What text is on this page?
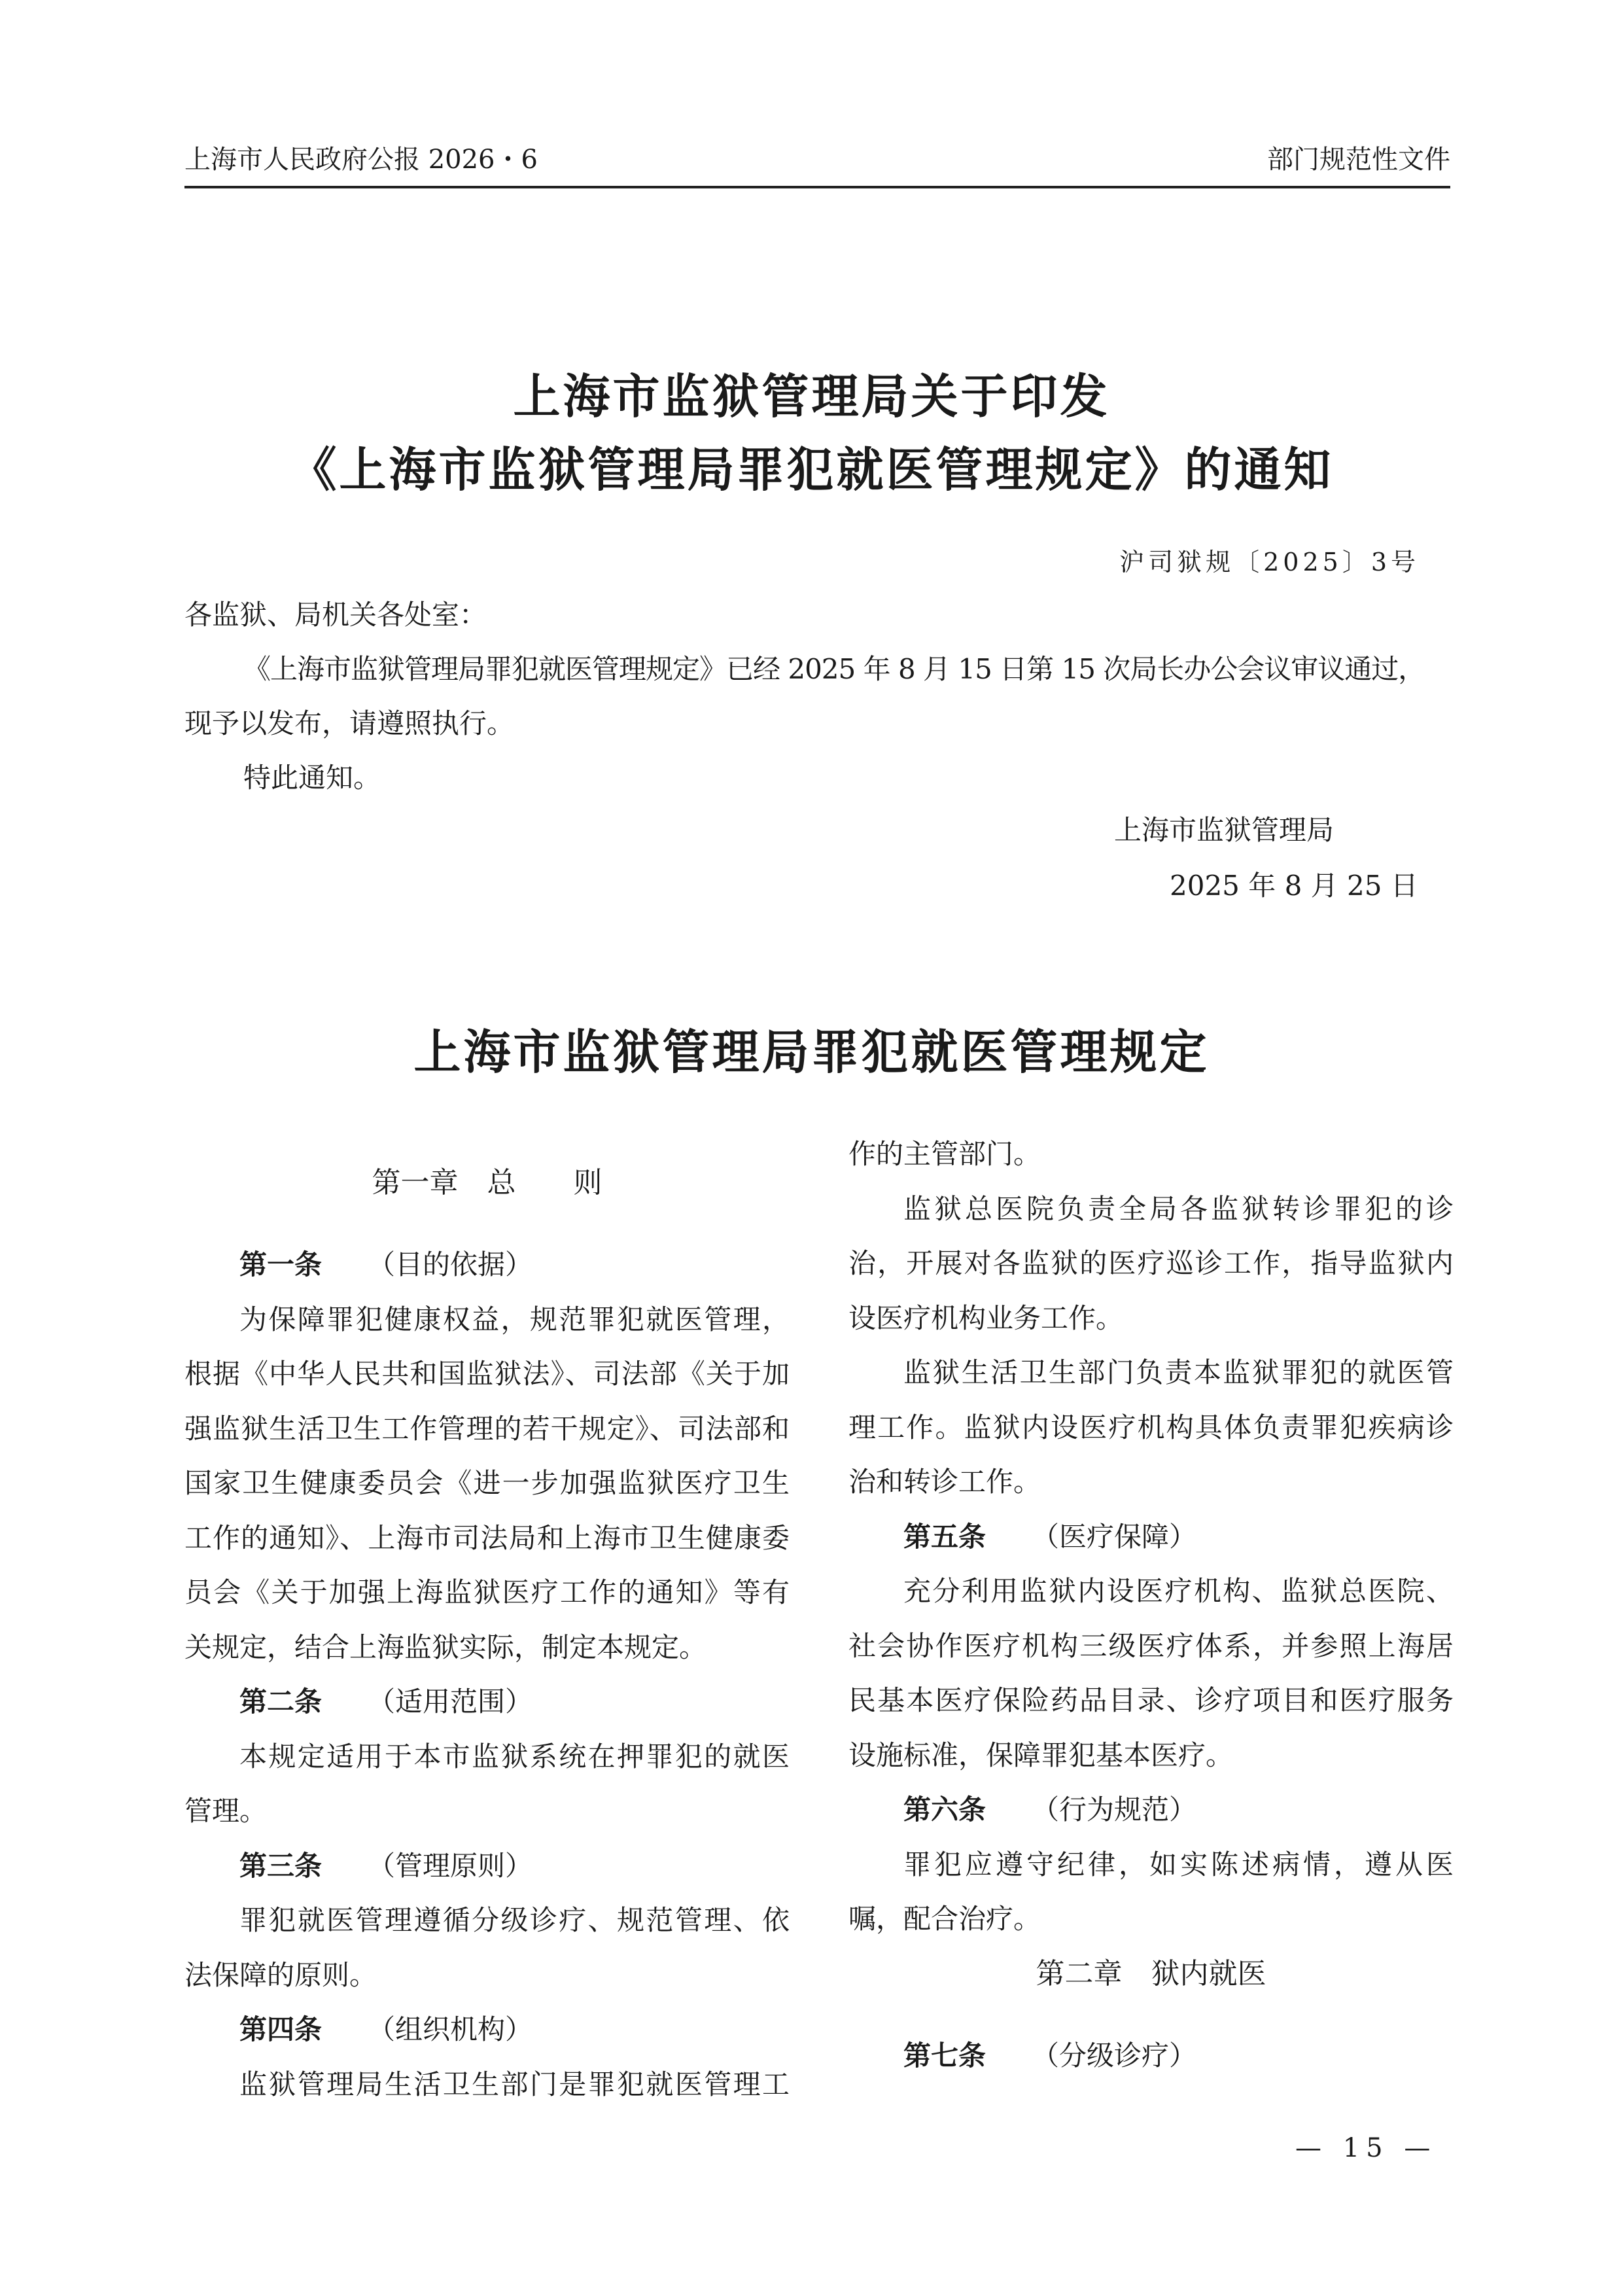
上海市人民政府公报 2026・6	部门规范性文件
上海市监狱管理局关于印发
《上海市监狱管理局罪犯就医管理规定》的通知
沪司狱规〔2025〕3号
各监狱、局机关各处室：
《上海市监狱管理局罪犯就医管理规定》已经 2025 年 8 月 15 日第 15 次局长办公会议审议通过，
现予以发布，请遵照执行。
特此通知。
上海市监狱管理局
2025 年 8 月 25 日
上海市监狱管理局罪犯就医管理规定
第一章　总　　则
第一条 （目的依据）
为保障罪犯健康权益，规范罪犯就医管理，
根据《中华人民共和国监狱法》、司法部《关于加
强监狱生活卫生工作管理的若干规定》、司法部和
国家卫生健康委员会《进一步加强监狱医疗卫生
工作的通知》、上海市司法局和上海市卫生健康委
员会《关于加强上海监狱医疗工作的通知》等有
关规定，结合上海监狱实际，制定本规定。
第二条 （适用范围）
本规定适用于本市监狱系统在押罪犯的就医
管理。
第三条 （管理原则）
罪犯就医管理遵循分级诊疗、规范管理、依
法保障的原则。
第四条 （组织机构）
监狱管理局生活卫生部门是罪犯就医管理工
作的主管部门。
监狱总医院负责全局各监狱转诊罪犯的诊
治，开展对各监狱的医疗巡诊工作，指导监狱内
设医疗机构业务工作。
监狱生活卫生部门负责本监狱罪犯的就医管
理工作。监狱内设医疗机构具体负责罪犯疾病诊
治和转诊工作。
第五条 （医疗保障）
充分利用监狱内设医疗机构、监狱总医院、
社会协作医疗机构三级医疗体系，并参照上海居
民基本医疗保险药品目录、诊疗项目和医疗服务
设施标准，保障罪犯基本医疗。
第六条 （行为规范）
罪犯应遵守纪律，如实陈述病情，遵从医
嘱，配合治疗。
第二章　狱内就医
第七条 （分级诊疗）
— 15 —
